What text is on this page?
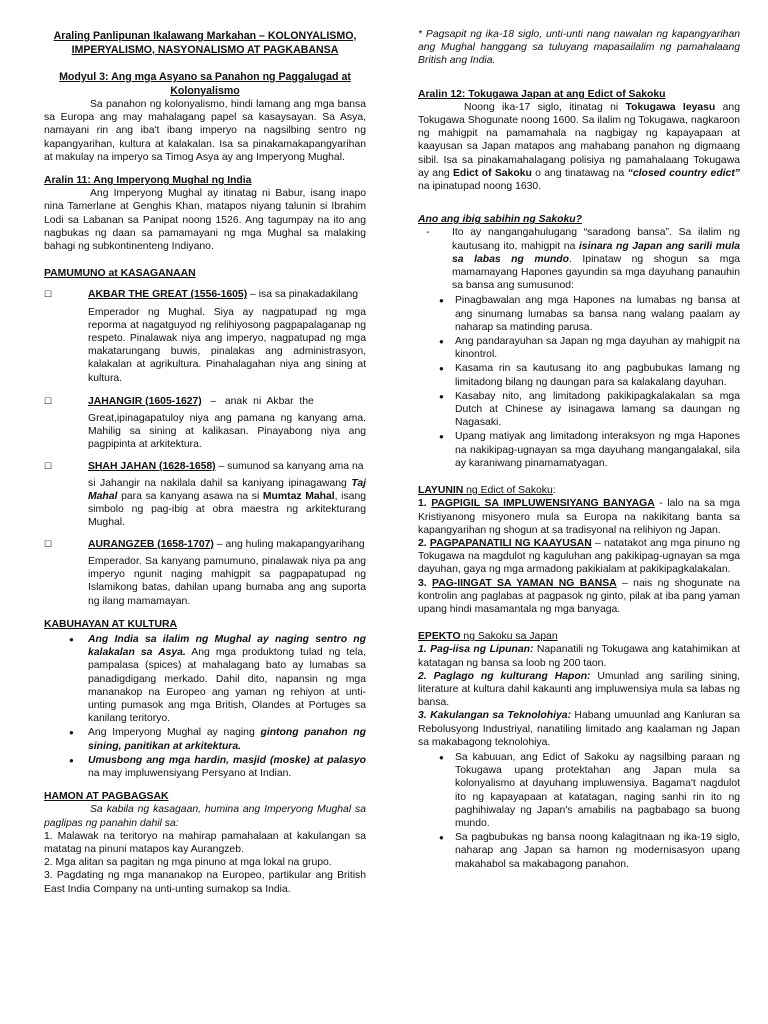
Araling Panlipunan Ikalawang Markahan – KOLONYALISMO,
IMPERYALISMO, NASYONALISMO AT PAGKABANSA

Modyul 3: Ang mga Asyano sa Panahon ng Paggalugad at
Kolonyalismo

Sa panahon ng kolonyalismo, hindi lamang ang mga bansa sa Europa ang may mahalagang papel sa kasaysayan. Sa Asya, namayani rin ang iba't ibang imperyo na nagsilbing sentro ng kapangyarihan, kultura at kalakalan. Isa sa pinakamakapangyarihan at makulay na imperyo sa Timog Asya ay ang Imperyong Mughal.

Aralin 11: Ang Imperyong Mughal ng India

Ang Imperyong Mughal ay itinatag ni Babur, isang inapo nina Tamerlane at Genghis Khan, matapos niyang talunin si Ibrahim Lodi sa Labanan sa Panipat noong 1526. Ang tagumpay na ito ang nagbukas ng daan sa pamamayani ng mga Mughal sa malaking bahagi ng subkontinenteng Indiyano.

PAMUMUNO at KASAGANAAN

☐	AKBAR THE GREAT (1556-1605) – isa sa pinakadakilang

Emperador ng Mughal. Siya ay nagpatupad ng mga reporma at nagatguyod ng relihiyosong pagpapalaganap ng respeto. Pinalawak niya ang imperyo, nagpatupad ng mga makatarungang buwis, pinalakas ang administrasyon, kalakalan at agrikultura. Pinahalagahan niya ang sining at kultura.

☐	JAHANGIR (1605-1627)   –   anak  ni  Akbar  the

Great,ipinagapatuloy niya ang pamana ng kanyang ama. Mahilig sa sining at kalikasan. Pinayabong niya ang pagpipinta at arkitektura.

☐	SHAH JAHAN (1628-1658) – sumunod sa kanyang ama na

si Jahangir na nakilala dahil sa kaniyang ipinagawang Taj Mahal para sa kanyang asawa na si Mumtaz Mahal, isang simbolo ng pag-ibig at obra maestra ng arkitekturang Mughal.

☐	AURANGZEB (1658-1707) – ang huling makapangyarihang

Emperador. Sa kanyang pamumuno, pinalawak niya pa ang imperyo ngunit naging mahigpit sa pagpapatupad ng Islamikong batas, dahilan upang bumaba ang ang suporta ng ilang mamamayan.

KABUHAYAN AT KULTURA

● Ang India sa ilalim ng Mughal ay naging sentro ng kalakalan sa Asya. Ang mga produktong tulad ng tela, pampalasa (spices) at mahalagang bato ay lumabas sa panadigdigang merkado. Dahil dito, napansin ng mga mananakop na Europeo ang yaman ng rehiyon at unti-unting pumasok ang mga British, Olandes at Portuges sa kanilang teritoryo.
● Ang Imperyong Mughal ay naging gintong panahon ng sining, panitikan at arkitektura.
● Umusbong ang mga hardin, masjid (moske) at palasyo na may impluwensiyang Persyano at Indian.

HAMON AT PAGBAGSAK

Sa kabila ng kasagaan, humina ang Imperyong Mughal sa paglipas ng panahin dahil sa:

1. Malawak na teritoryo na mahirap pamahalaan at kakulangan sa matatag na pinuni matapos kay Aurangzeb.

2. Mga alitan sa pagitan ng mga pinuno at mga lokal na grupo.

3. Pagdating ng mga mananakop na Europeo, partikular ang British East India Company na unti-unting sumakop sa India.

* Pagsapit ng ika-18 siglo, unti-unti nang nawalan ng kapangyarihan ang Mughal hanggang sa tuluyang mapasailalim ng pamahalaang British ang India.

Aralin 12: Tokugawa Japan at ang Edict of Sakoku

Noong ika-17 siglo, itinatag ni Tokugawa Ieyasu ang Tokugawa Shogunate noong 1600. Sa ilalim ng Tokugawa, nagkaroon ng mahigpit na pamamahala na nagbigay ng kapayapaan at kaayusan sa Japan matapos ang mahabang panahon ng digmaang sibil. Isa sa pinakamahalagang polisiya ng pamahalaang Tokugawa ay ang Edict of Sakoku o ang tinatawag na “closed country edict” na ipinatupad noong 1630.

Ano ang ibig sabihin ng Sakoku?

-	Ito ay nangangahulugang “saradong bansa”. Sa ilalim ng kautusang ito, mahigpit na isinara ng Japan ang sarili mula sa labas ng mundo. Ipinataw ng shogun sa mga mamamayang Hapones gayundin sa mga dayuhang panauhin sa bansa ang sumusunod:
● Pinagbawalan ang mga Hapones na lumabas ng bansa at ang sinumang lumabas sa bansa nang walang paalam ay naharap sa matinding parusa.
● Ang pandarayuhan sa Japan ng mga dayuhan ay mahigpit na kinontrol.
● Kasama rin sa kautusang ito ang pagbubukas lamang ng limitadong bilang ng daungan para sa kalakalang dayuhan.
● Kasabay nito, ang limitadong pakikipagkalakalan sa mga Dutch at Chinese ay isinagawa lamang sa daungan ng Nagasaki.
● Upang matiyak ang limitadong interaksyon ng mga Hapones na nakikipag-ugnayan sa mga dayuhang mangangalakal, sila ay karaniwang pinamamatyagan.

LAYUNIN ng Edict of Sakoku:

1. PAGPIGIL SA IMPLUWENSIYANG BANYAGA - lalo na sa mga Kristiyanong misyonero mula sa Europa na nakikitang banta sa kapangyarihan ng shogun at sa tradisyonal na relihiyon ng Japan.

2. PAGPAPANATILI NG KAAYUSAN – natatakot ang mga pinuno ng Tokugawa na magdulot ng kaguluhan ang pakikipag-ugnayan sa mga dayuhan, gaya ng mga armadong pakikialam at pakikipagkalakalan.

3. PAG-IINGAT SA YAMAN NG BANSA – nais ng shogunate na kontrolin ang paglabas at pagpasok ng ginto, pilak at iba pang yaman upang hindi masamantala ng mga banyaga.

EPEKTO ng Sakoku sa Japan

1. Pag-iisa ng Lipunan: Napanatili ng Tokugawa ang katahimikan at katatagan ng bansa sa loob ng 200 taon.

2. Paglago ng kulturang Hapon: Umunlad ang sariling sining, literature at kultura dahil kakaunti ang impluwensiya mula sa labas ng bansa.

3. Kakulangan sa Teknolohiya: Habang umuunlad ang Kanluran sa Rebolusyong Industriyal, nanatiling limitado ang kaalaman ng Japan sa makabagong teknolohiya.

● Sa kabuuan, ang Edict of Sakoku ay nagsilbing paraan ng Tokugawa upang protektahan ang Japan mula sa kolonyalismo at dayuhang impluwensiya. Bagama't nagdulot ito ng kapayapaan at katatagan, naging sanhi rin ito ng paghihiwalay ng Japan's amabilis na pagbabago sa buong mundo.
● Sa pagbubukas ng bansa noong kalagitnaan ng ika-19 siglo, naharap ang Japan sa hamon ng modernisasyon upang makahabol sa makabagong panahon.
